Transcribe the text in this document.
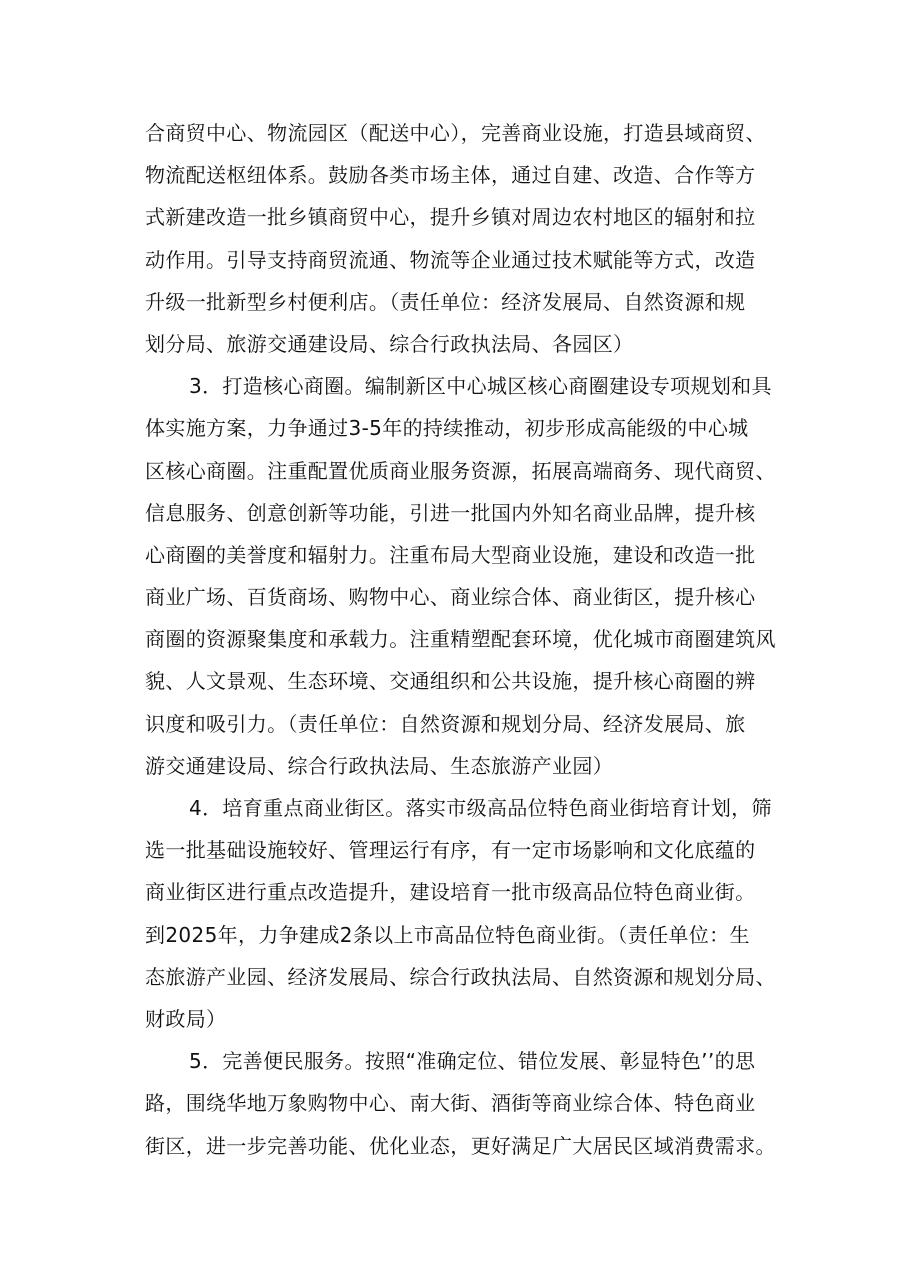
合商贸中心、物流园区（配送中心），完善商业设施，打造县域商贸、
物流配送枢纽体系。鼓励各类市场主体，通过自建、改造、合作等方
式新建改造一批乡镇商贸中心，提升乡镇对周边农村地区的辐射和拉
动作用。引导支持商贸流通、物流等企业通过技术赋能等方式，改造
升级一批新型乡村便利店。（责任单位：经济发展局、自然资源和规
划分局、旅游交通建设局、综合行政执法局、各园区）
3．打造核心商圈。编制新区中心城区核心商圈建设专项规划和具
体实施方案，力争通过3-5年的持续推动，初步形成高能级的中心城
区核心商圈。注重配置优质商业服务资源，拓展高端商务、现代商贸、
信息服务、创意创新等功能，引进一批国内外知名商业品牌，提升核
心商圈的美誉度和辐射力。注重布局大型商业设施，建设和改造一批
商业广场、百货商场、购物中心、商业综合体、商业街区，提升核心
商圈的资源聚集度和承载力。注重精塑配套环境，优化城市商圈建筑风
貌、人文景观、生态环境、交通组织和公共设施，提升核心商圈的辨
识度和吸引力。（责任单位：自然资源和规划分局、经济发展局、旅
游交通建设局、综合行政执法局、生态旅游产业园）
4．培育重点商业街区。落实市级高品位特色商业街培育计划，筛
选一批基础设施较好、管理运行有序，有一定市场影响和文化底蕴的
商业街区进行重点改造提升，建设培育一批市级高品位特色商业街。
到2025年，力争建成2条以上市高品位特色商业街。（责任单位：生
态旅游产业园、经济发展局、综合行政执法局、自然资源和规划分局、
财政局）
5．完善便民服务。按照“准确定位、错位发展、彰显特色’’的思
路，围绕华地万象购物中心、南大街、酒街等商业综合体、特色商业
街区，进一步完善功能、优化业态，更好满足广大居民区域消费需求。
